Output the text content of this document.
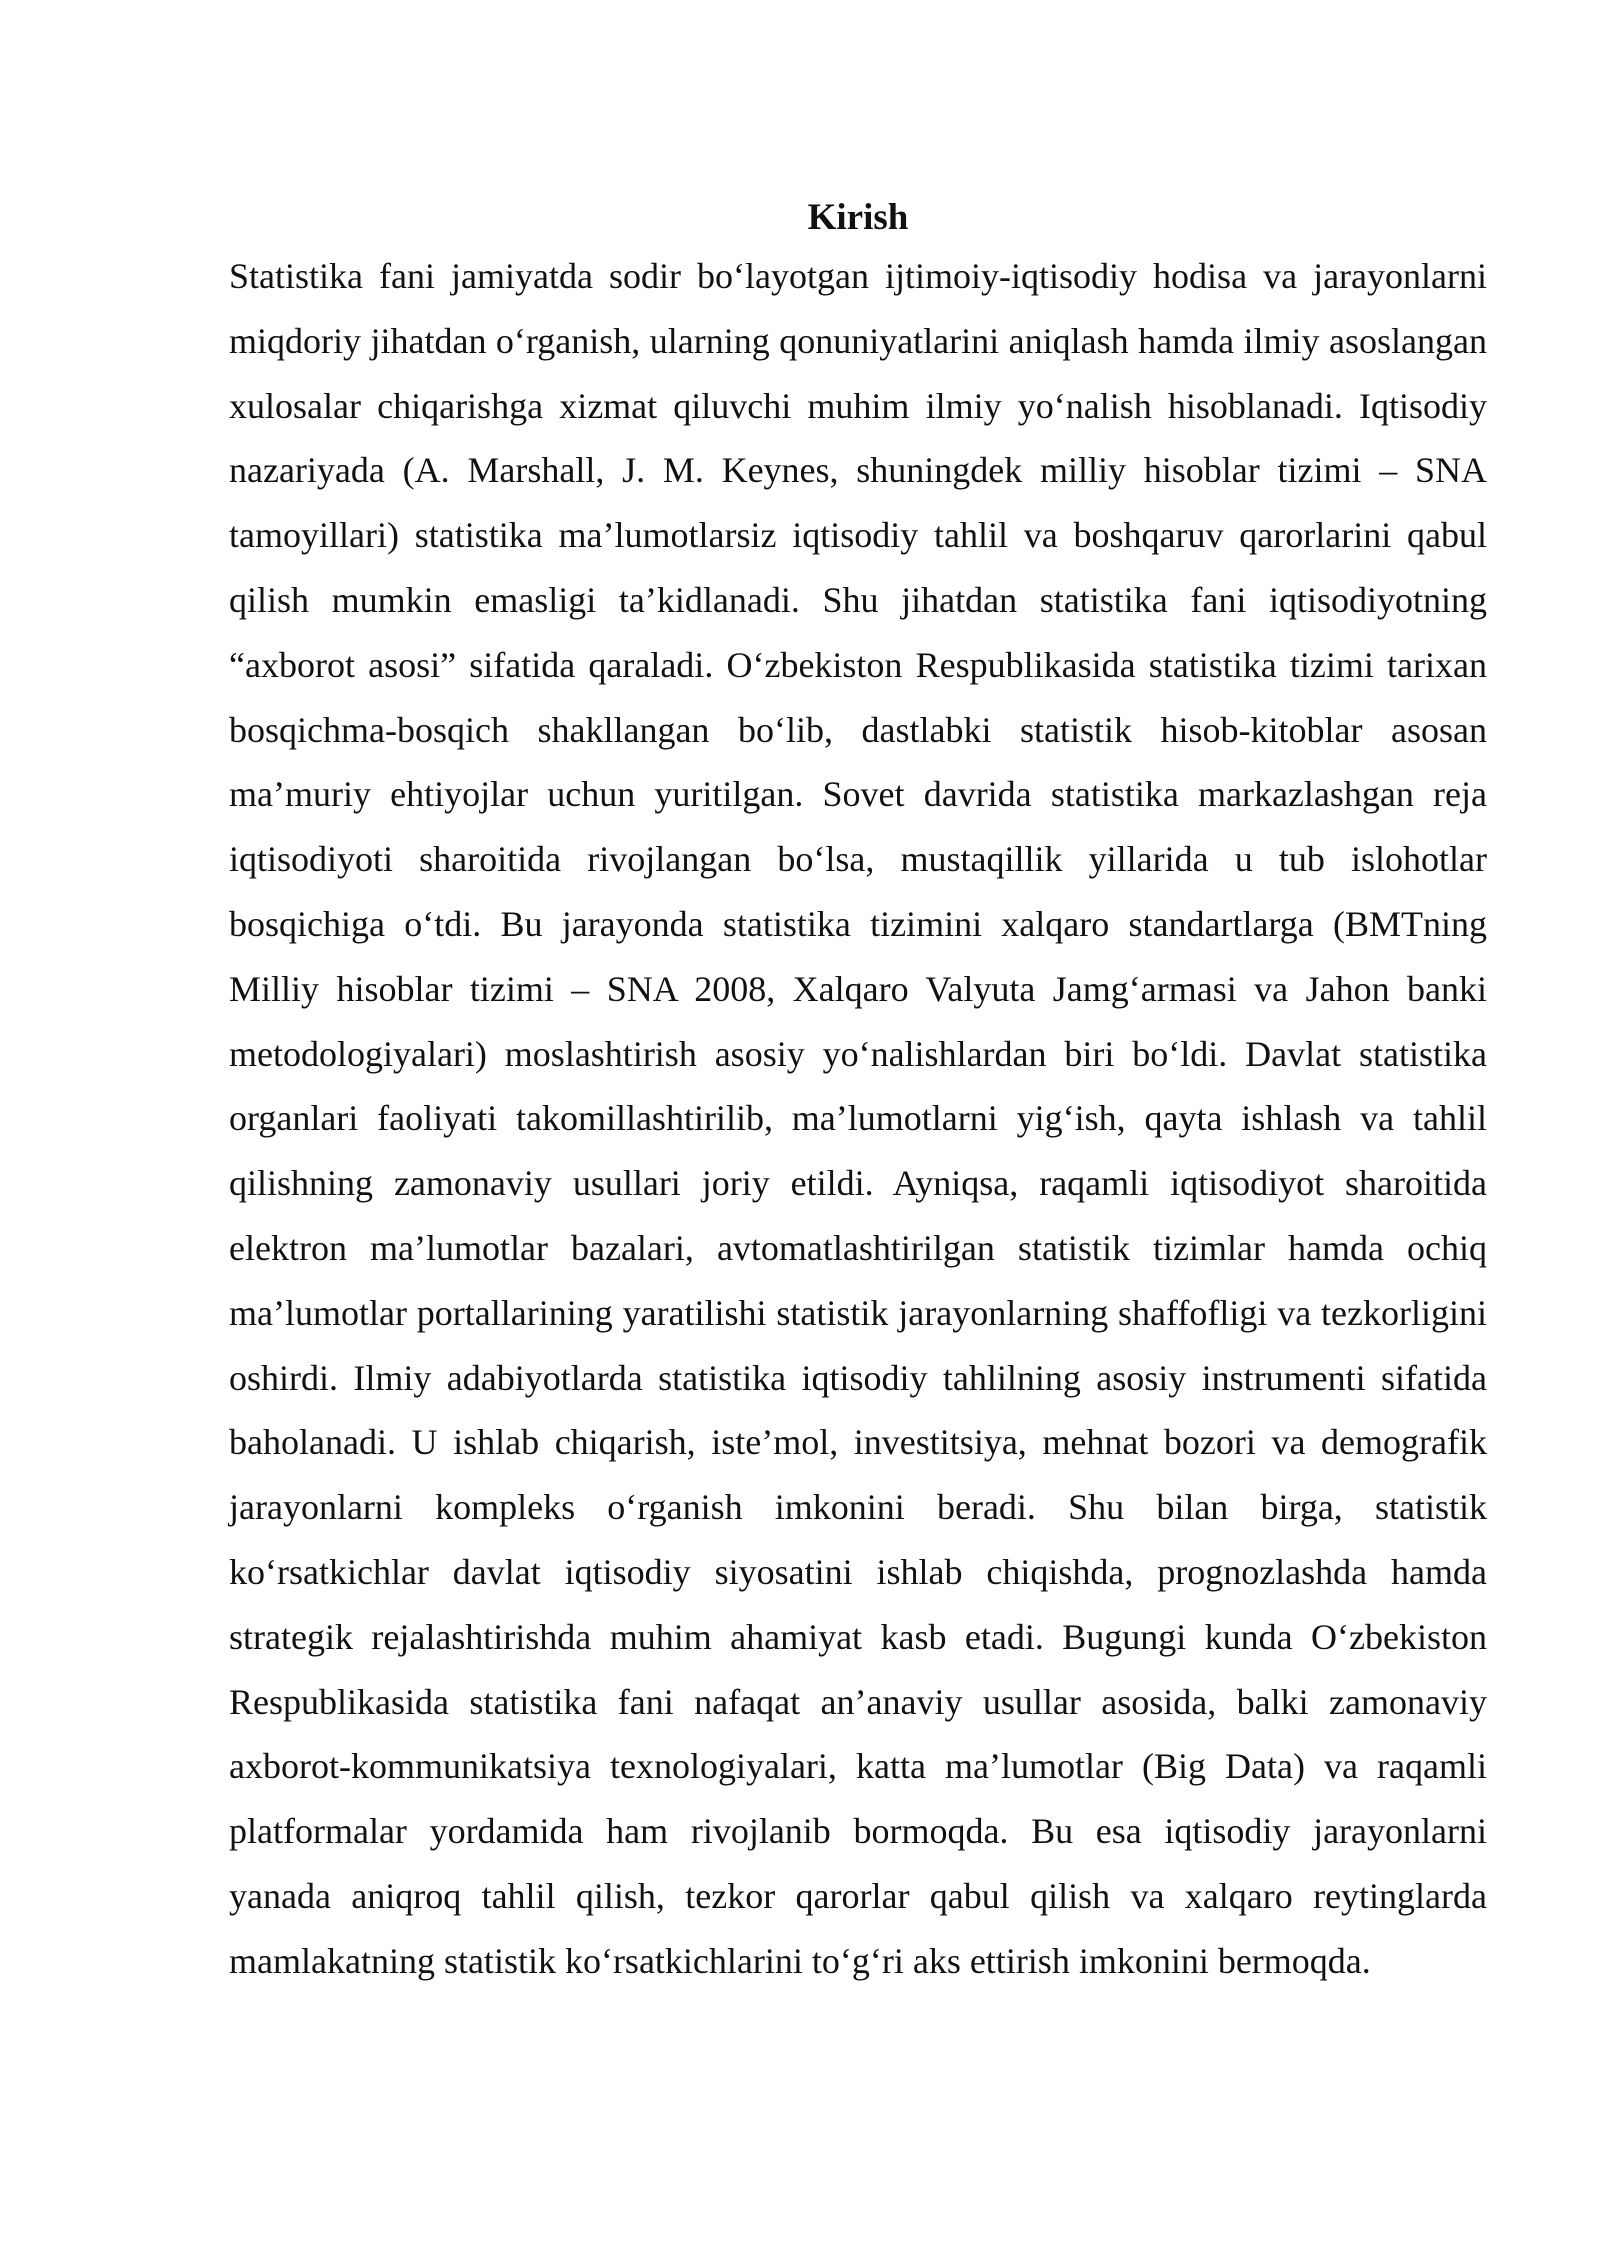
Kirish

Statistika fani jamiyatda sodir bo‘layotgan ijtimoiy-iqtisodiy hodisa va jarayonlarni miqdoriy jihatdan o‘rganish, ularning qonuniyatlarini aniqlash hamda ilmiy asoslangan xulosalar chiqarishga xizmat qiluvchi muhim ilmiy yo‘nalish hisoblanadi. Iqtisodiy nazariyada (A. Marshall, J. M. Keynes, shuningdek milliy hisoblar tizimi – SNA tamoyillari) statistika ma’lumotlarsiz iqtisodiy tahlil va boshqaruv qarorlarini qabul qilish mumkin emasligi ta’kidlanadi. Shu jihatdan statistika fani iqtisodiyotning “axborot asosi” sifatida qaraladi. O‘zbekiston Respublikasida statistika tizimi tarixan bosqichma-bosqich shakllangan bo‘lib, dastlabki statistik hisob-kitoblar asosan ma’muriy ehtiyojlar uchun yuritilgan. Sovet davrida statistika markazlashgan reja iqtisodiyoti sharoitida rivojlangan bo‘lsa, mustaqillik yillarida u tub islohotlar bosqichiga o‘tdi. Bu jarayonda statistika tizimini xalqaro standartlarga (BMTning Milliy hisoblar tizimi – SNA 2008, Xalqaro Valyuta Jamg‘armasi va Jahon banki metodologiyalari) moslashtirish asosiy yo‘nalishlardan biri bo‘ldi. Davlat statistika organlari faoliyati takomillashtirilib, ma’lumotlarni yig‘ish, qayta ishlash va tahlil qilishning zamonaviy usullari joriy etildi. Ayniqsa, raqamli iqtisodiyot sharoitida elektron ma’lumotlar bazalari, avtomatlashtirilgan statistik tizimlar hamda ochiq ma’lumotlar portallarining yaratilishi statistik jarayonlarning shaffofligi va tezkorligini oshirdi. Ilmiy adabiyotlarda statistika iqtisodiy tahlilning asosiy instrumenti sifatida baholanadi. U ishlab chiqarish, iste’mol, investitsiya, mehnat bozori va demografik jarayonlarni kompleks o‘rganish imkonini beradi. Shu bilan birga, statistik ko‘rsatkichlar davlat iqtisodiy siyosatini ishlab chiqishda, prognozlashda hamda strategik rejalashtirishda muhim ahamiyat kasb etadi. Bugungi kunda O‘zbekiston Respublikasida statistika fani nafaqat an’anaviy usullar asosida, balki zamonaviy axborot-kommunikatsiya texnologiyalari, katta ma’lumotlar (Big Data) va raqamli platformalar yordamida ham rivojlanib bormoqda. Bu esa iqtisodiy jarayonlarni yanada aniqroq tahlil qilish, tezkor qarorlar qabul qilish va xalqaro reytinglarda mamlakatning statistik ko‘rsatkichlarini to‘g‘ri aks ettirish imkonini bermoqda.
